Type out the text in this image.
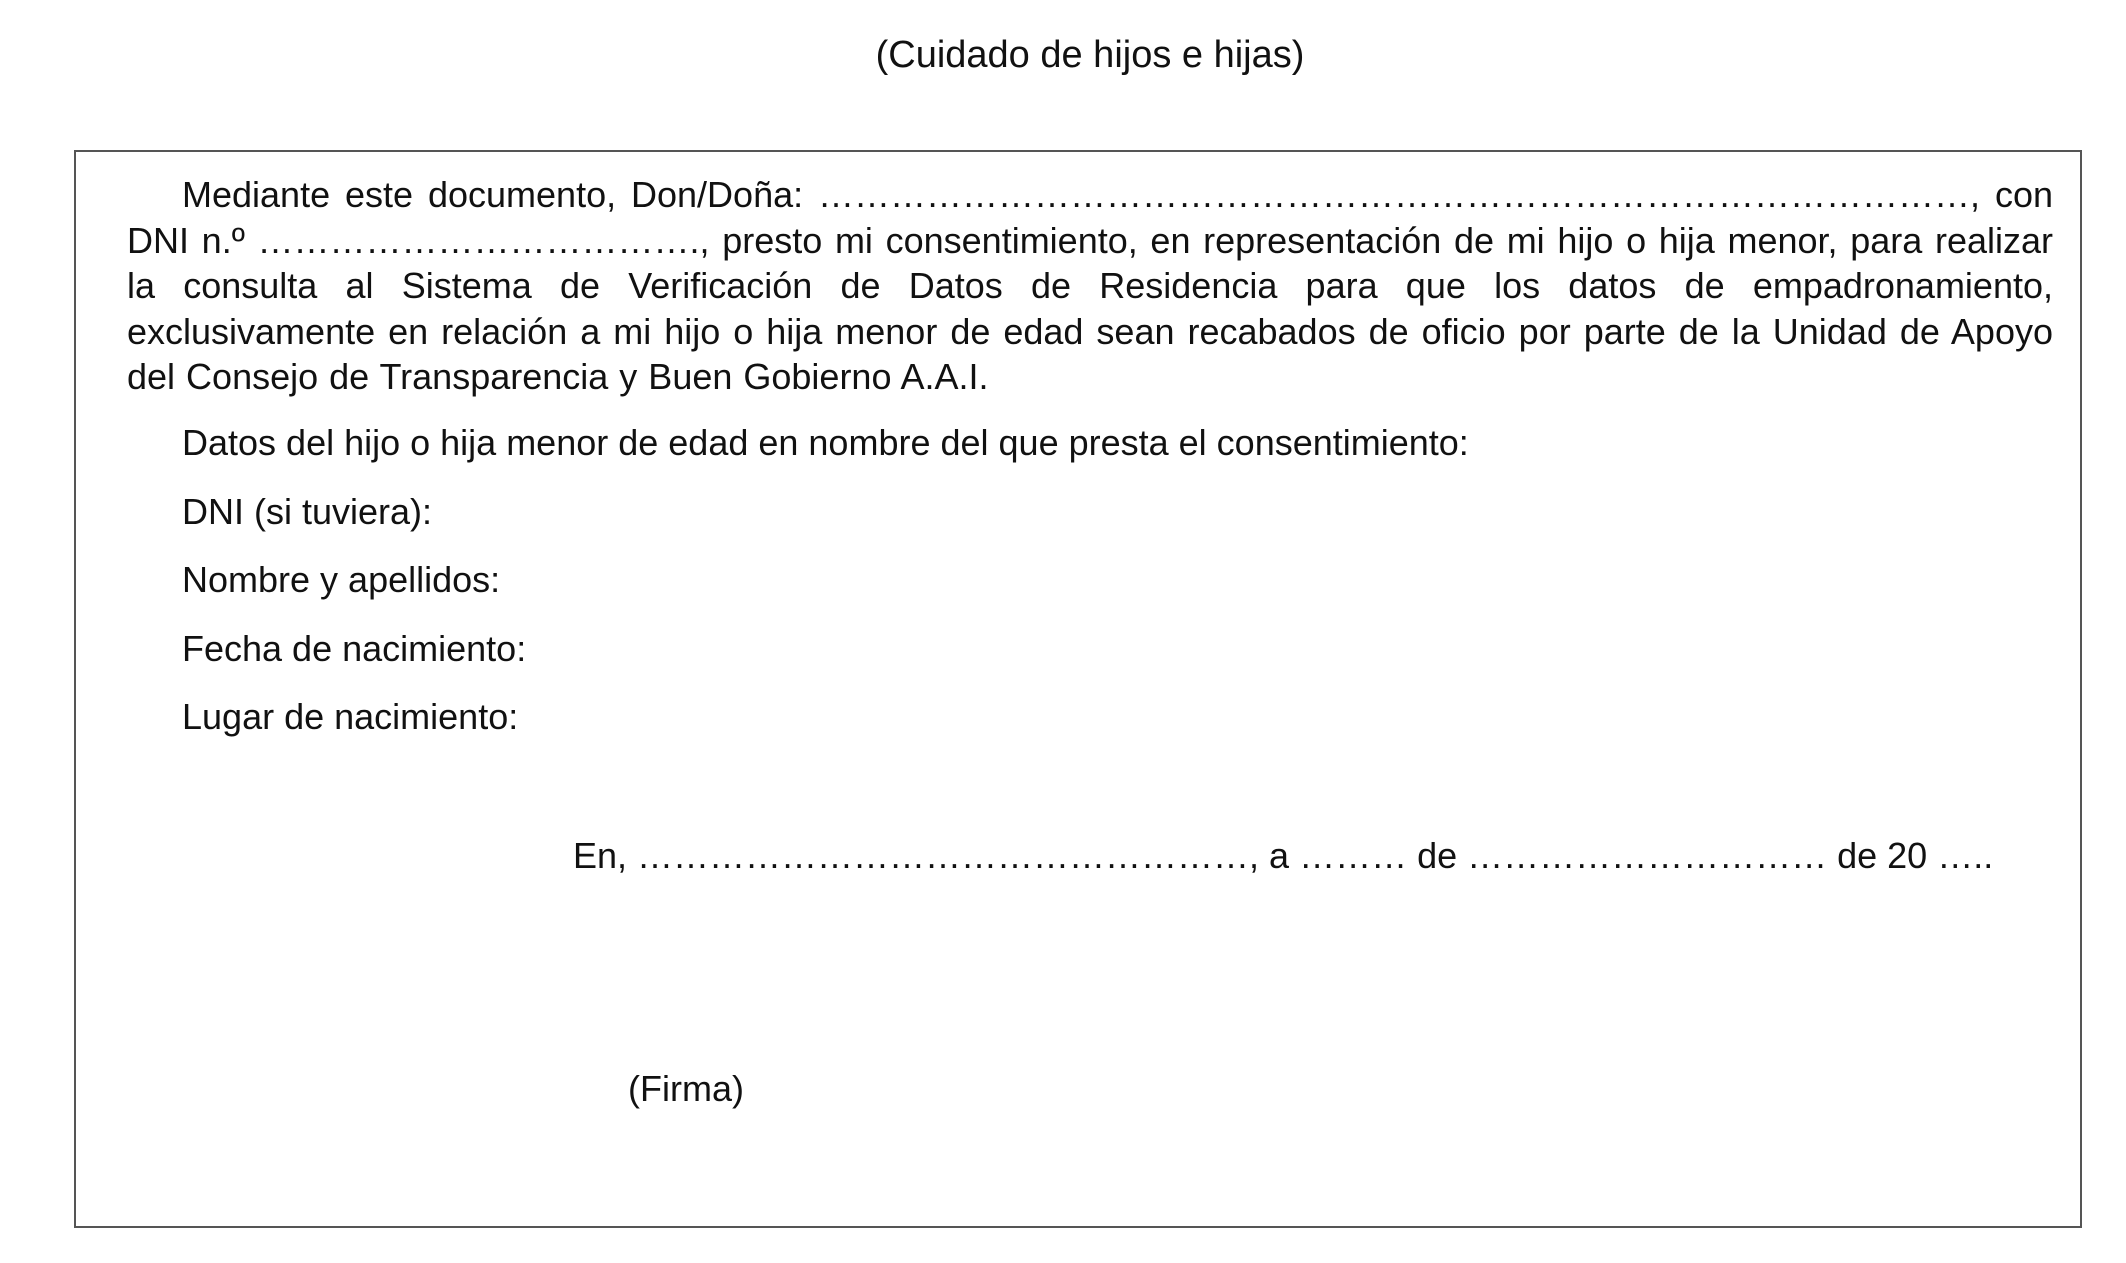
(Cuidado de hijos e hijas)

Mediante este documento, Don/Doña: ……………………………………………………………………………………, con DNI n.º ………………………………., presto mi consentimiento, en representación de mi hijo o hija menor, para realizar la consulta al Sistema de Verificación de Datos de Residencia para que los datos de empadronamiento, exclusivamente en relación a mi hijo o hija menor de edad sean recabados de oficio por parte de la Unidad de Apoyo del Consejo de Transparencia y Buen Gobierno A.A.I.

Datos del hijo o hija menor de edad en nombre del que presta el consentimiento:

DNI (si tuviera):

Nombre y apellidos:

Fecha de nacimiento:

Lugar de nacimiento:

En, ……………………………………………, a ……… de ………………………… de 20 …..

(Firma)
